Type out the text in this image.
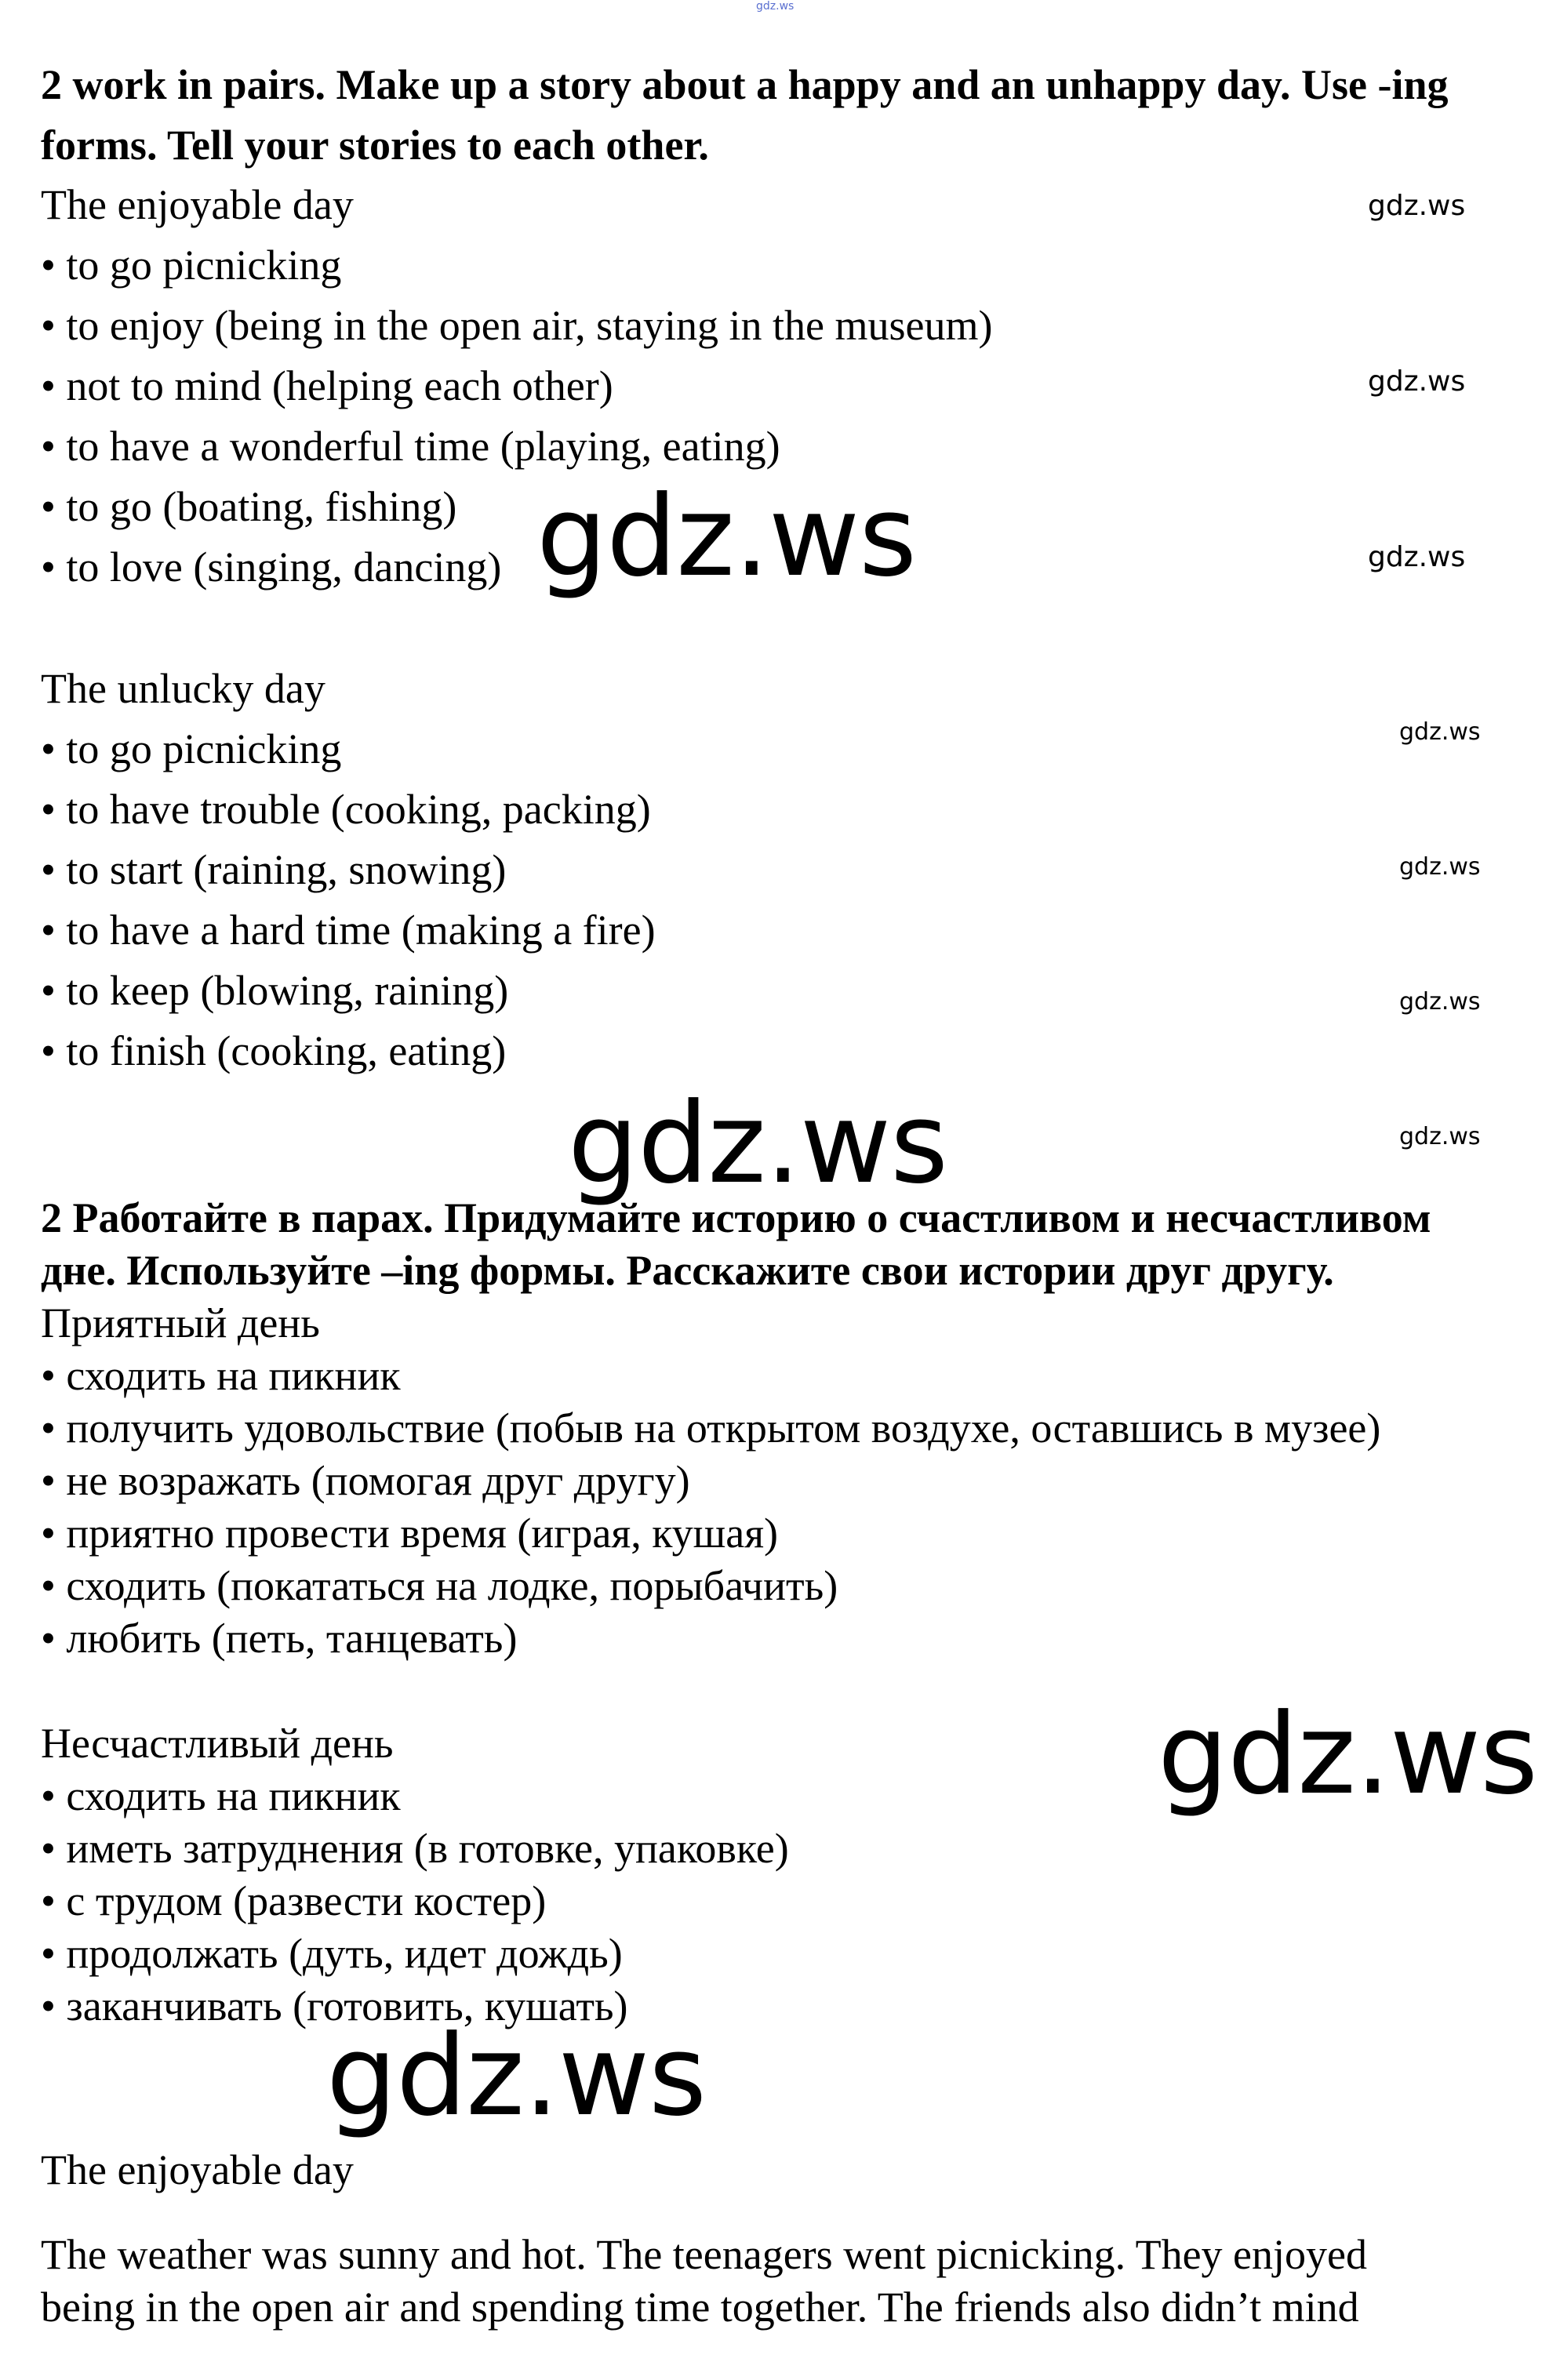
gdz.ws
2 work in pairs. Make up a story about a happy and an unhappy day. Use -ing
forms. Tell your stories to each other.
The enjoyable day
• to go picnicking
• to enjoy (being in the open air, staying in the museum)
• not to mind (helping each other)
• to have a wonderful time (playing, eating)
• to go (boating, fishing)
• to love (singing, dancing)
The unlucky day
• to go picnicking
• to have trouble (cooking, packing)
• to start (raining, snowing)
• to have a hard time (making a fire)
• to keep (blowing, raining)
• to finish (cooking, eating)
2 Работайте в парах. Придумайте историю о счастливом и несчастливом
дне. Используйте –ing формы. Расскажите свои истории друг другу.
Приятный день
• сходить на пикник
• получить удовольствие (побыв на открытом воздухе, оставшись в музее)
• не возражать (помогая друг другу)
• приятно провести время (играя, кушая)
• сходить (покататься на лодке, порыбачить)
• любить (петь, танцевать)
Несчастливый день
• сходить на пикник
• иметь затруднения (в готовке, упаковке)
• с трудом (развести костер)
• продолжать (дуть, идет дождь)
• заканчивать (готовить, кушать)
The enjoyable day
The weather was sunny and hot. The teenagers went picnicking. They enjoyed
being in the open air and spending time together. The friends also didn’t mind
gdz.ws
gdz.ws
gdz.ws
gdz.ws
gdz.ws
gdz.ws
gdz.ws
gdz.ws
gdz.ws
gdz.ws
gdz.ws
